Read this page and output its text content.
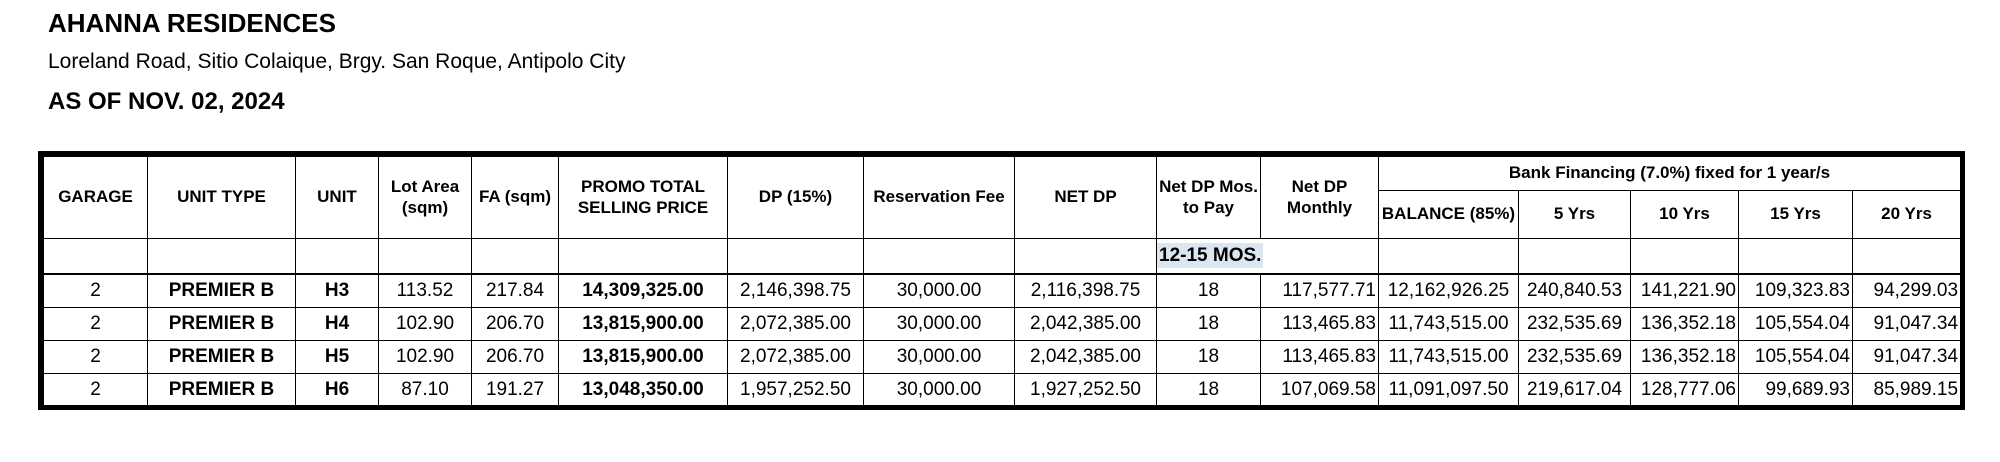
AHANNA RESIDENCES
Loreland Road, Sitio Colaique, Brgy. San Roque, Antipolo City
AS OF NOV. 02, 2024
GARAGE	UNIT TYPE	UNIT	Lot Area (sqm)	FA (sqm)	PROMO TOTAL SELLING PRICE	DP (15%)	Reservation Fee	NET DP	Net DP Mos. to Pay	Net DP Monthly	Bank Financing (7.0%) fixed for 1 year/s				
											BALANCE (85%)	5 Yrs	10 Yrs	15 Yrs	20 Yrs
									12-15 MOS.						
2	PREMIER B	H3	113.52	217.84	14,309,325.00	2,146,398.75	30,000.00	2,116,398.75	18	117,577.71	12,162,926.25	240,840.53	141,221.90	109,323.83	94,299.03
2	PREMIER B	H4	102.90	206.70	13,815,900.00	2,072,385.00	30,000.00	2,042,385.00	18	113,465.83	11,743,515.00	232,535.69	136,352.18	105,554.04	91,047.34
2	PREMIER B	H5	102.90	206.70	13,815,900.00	2,072,385.00	30,000.00	2,042,385.00	18	113,465.83	11,743,515.00	232,535.69	136,352.18	105,554.04	91,047.34
2	PREMIER B	H6	87.10	191.27	13,048,350.00	1,957,252.50	30,000.00	1,927,252.50	18	107,069.58	11,091,097.50	219,617.04	128,777.06	99,689.93	85,989.15
